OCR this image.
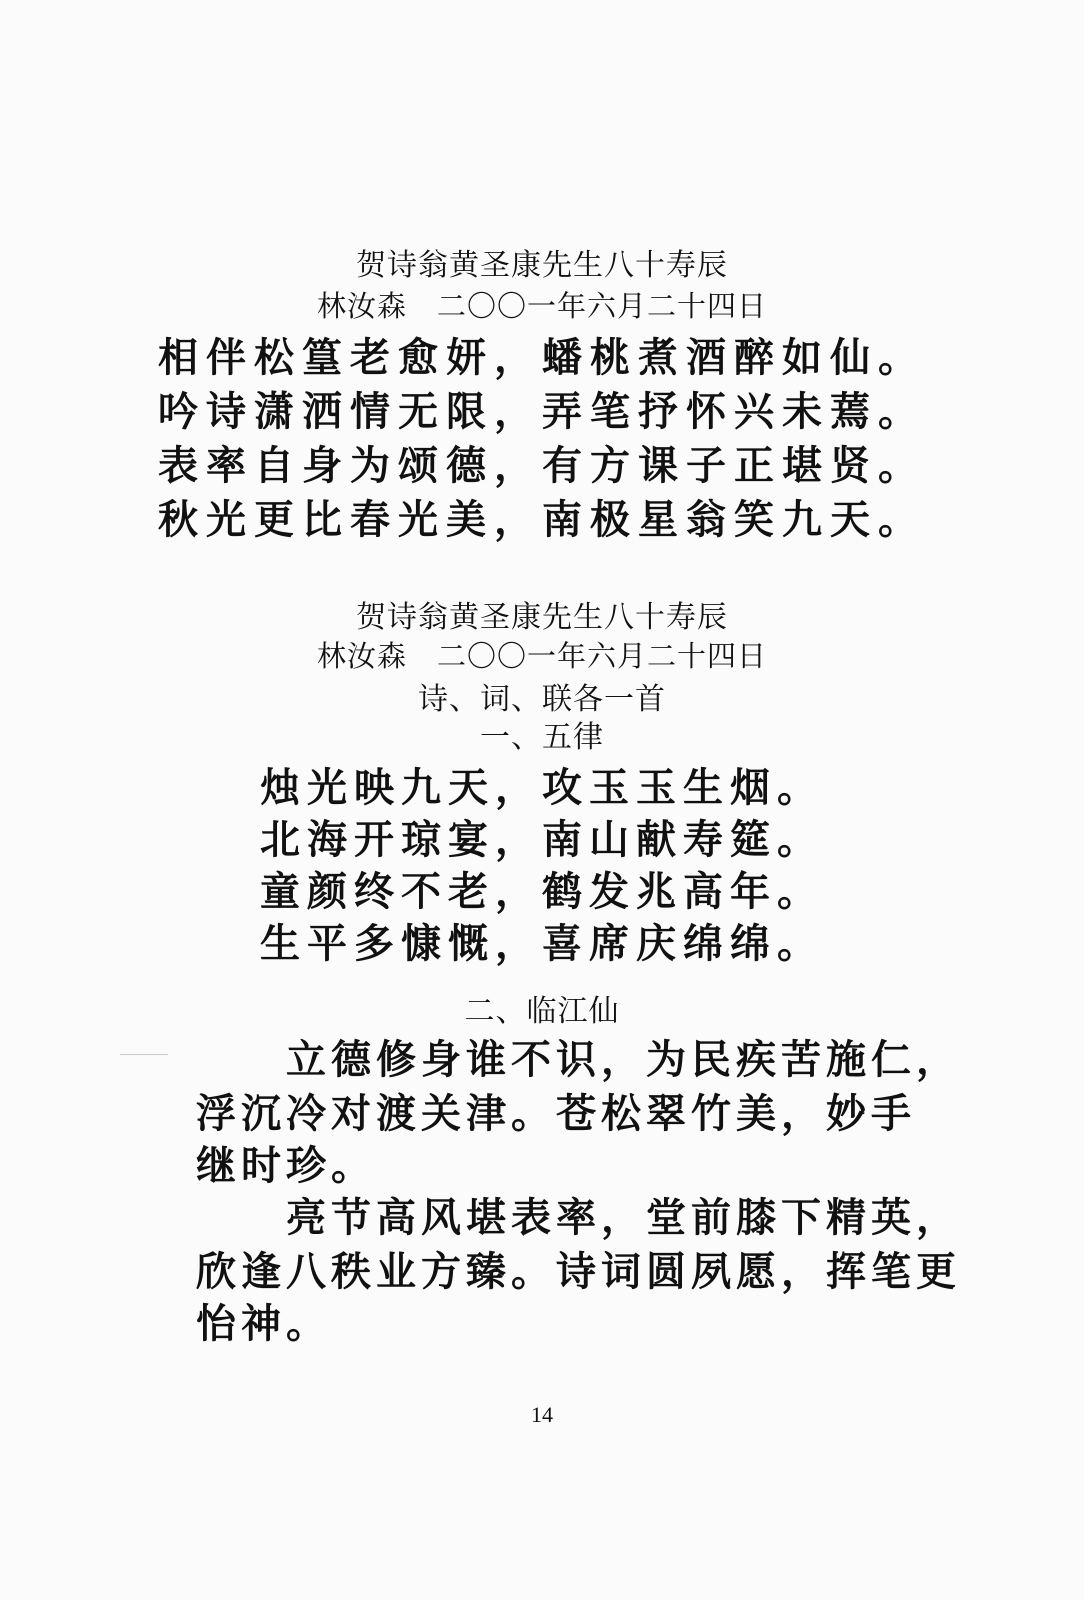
贺诗翁黄圣康先生八十寿辰
林汝森　二〇〇一年六月二十四日
相伴松篁老愈妍，蟠桃煮酒醉如仙。
吟诗潇洒情无限，弄笔抒怀兴未蔫。
表率自身为颂德，有方课子正堪贤。
秋光更比春光美，南极星翁笑九天。
贺诗翁黄圣康先生八十寿辰
林汝森　二〇〇一年六月二十四日
诗、词、联各一首
一、五律
烛光映九天，攻玉玉生烟。
北海开琼宴，南山献寿筵。
童颜终不老，鹤发兆高年。
生平多慷慨，喜席庆绵绵。
二、临江仙
　　立德修身谁不识，为民疾苦施仁，
浮沉冷对渡关津。苍松翠竹美，妙手
继时珍。
　　亮节高风堪表率，堂前膝下精英，
欣逢八秩业方臻。诗词圆夙愿，挥笔更
怡神。
14
